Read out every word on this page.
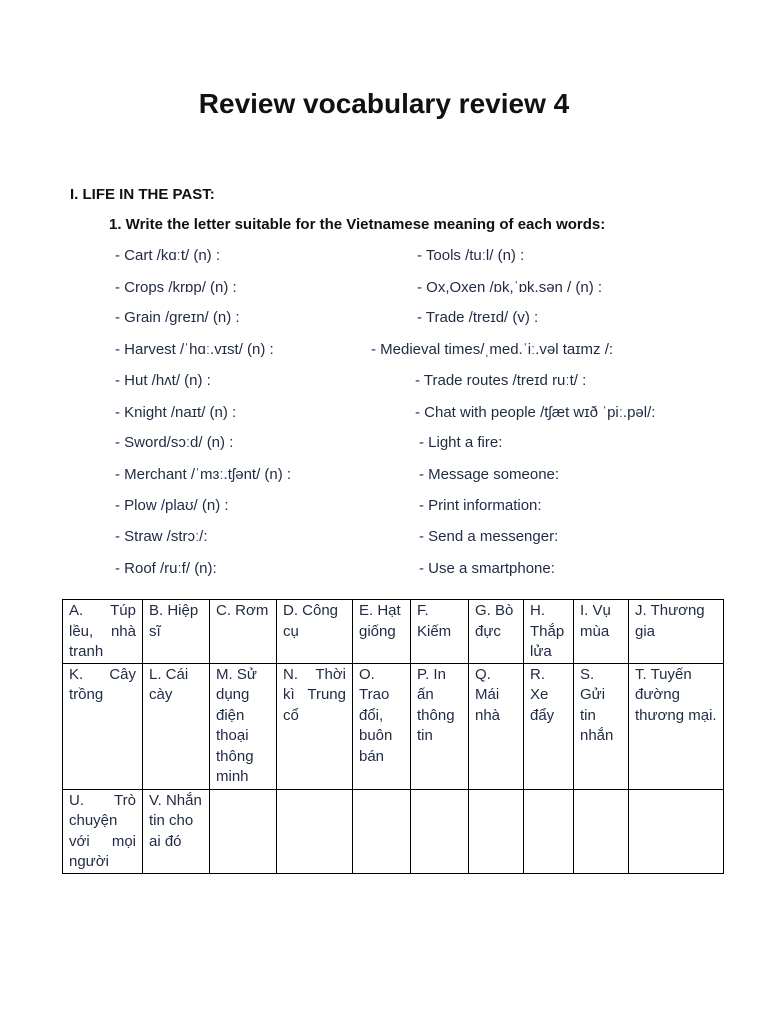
Review vocabulary review 4
I. LIFE IN THE PAST:
1. Write the letter suitable for the Vietnamese meaning of each words:
- Cart /kɑːt/ (n) :
- Crops /krɒp/ (n) :
- Grain /ɡreɪn/ (n) :
- Harvest /ˈhɑː.vɪst/ (n) :
- Hut /hʌt/ (n) :
- Knight /naɪt/ (n) :
- Sword/sɔːd/ (n) :
- Merchant /ˈmɜː.tʃənt/ (n) :
- Plow /plaʊ/ (n) :
- Straw /strɔː/:
- Roof /ruːf/ (n):
- Tools /tuːl/ (n) :
- Ox,Oxen /ɒk,ˈɒk.sən / (n) :
- Trade /treɪd/ (v) :
- Medieval times/ˌmed.ˈiː.vəl taɪmz /:
- Trade routes /treɪd ruːt/ :
- Chat with people /tʃæt wɪð ˈpiː.pəl/:
- Light a fire:
- Message someone:
- Print information:
- Send a messenger:
- Use a smartphone:
A. Túp lều, nhà tranh	B. Hiệp sĩ	C. Rơm	D. Công cụ	E. Hạt giống	F. Kiếm	G. Bò đực	H. Thắp lửa	I. Vụ mùa	J. Thương gia
K. Cây trồng	L. Cái cày	M. Sử dụng điện thoại thông minh	N. Thời kì Trung cổ	O. Trao đổi, buôn bán	P. In ấn thông tin	Q. Mái nhà	R. Xe đẩy	S. Gửi tin nhắn	T. Tuyến đường thương mại.
U. Trò chuyện với mọi người	V. Nhắn tin cho ai đó								
